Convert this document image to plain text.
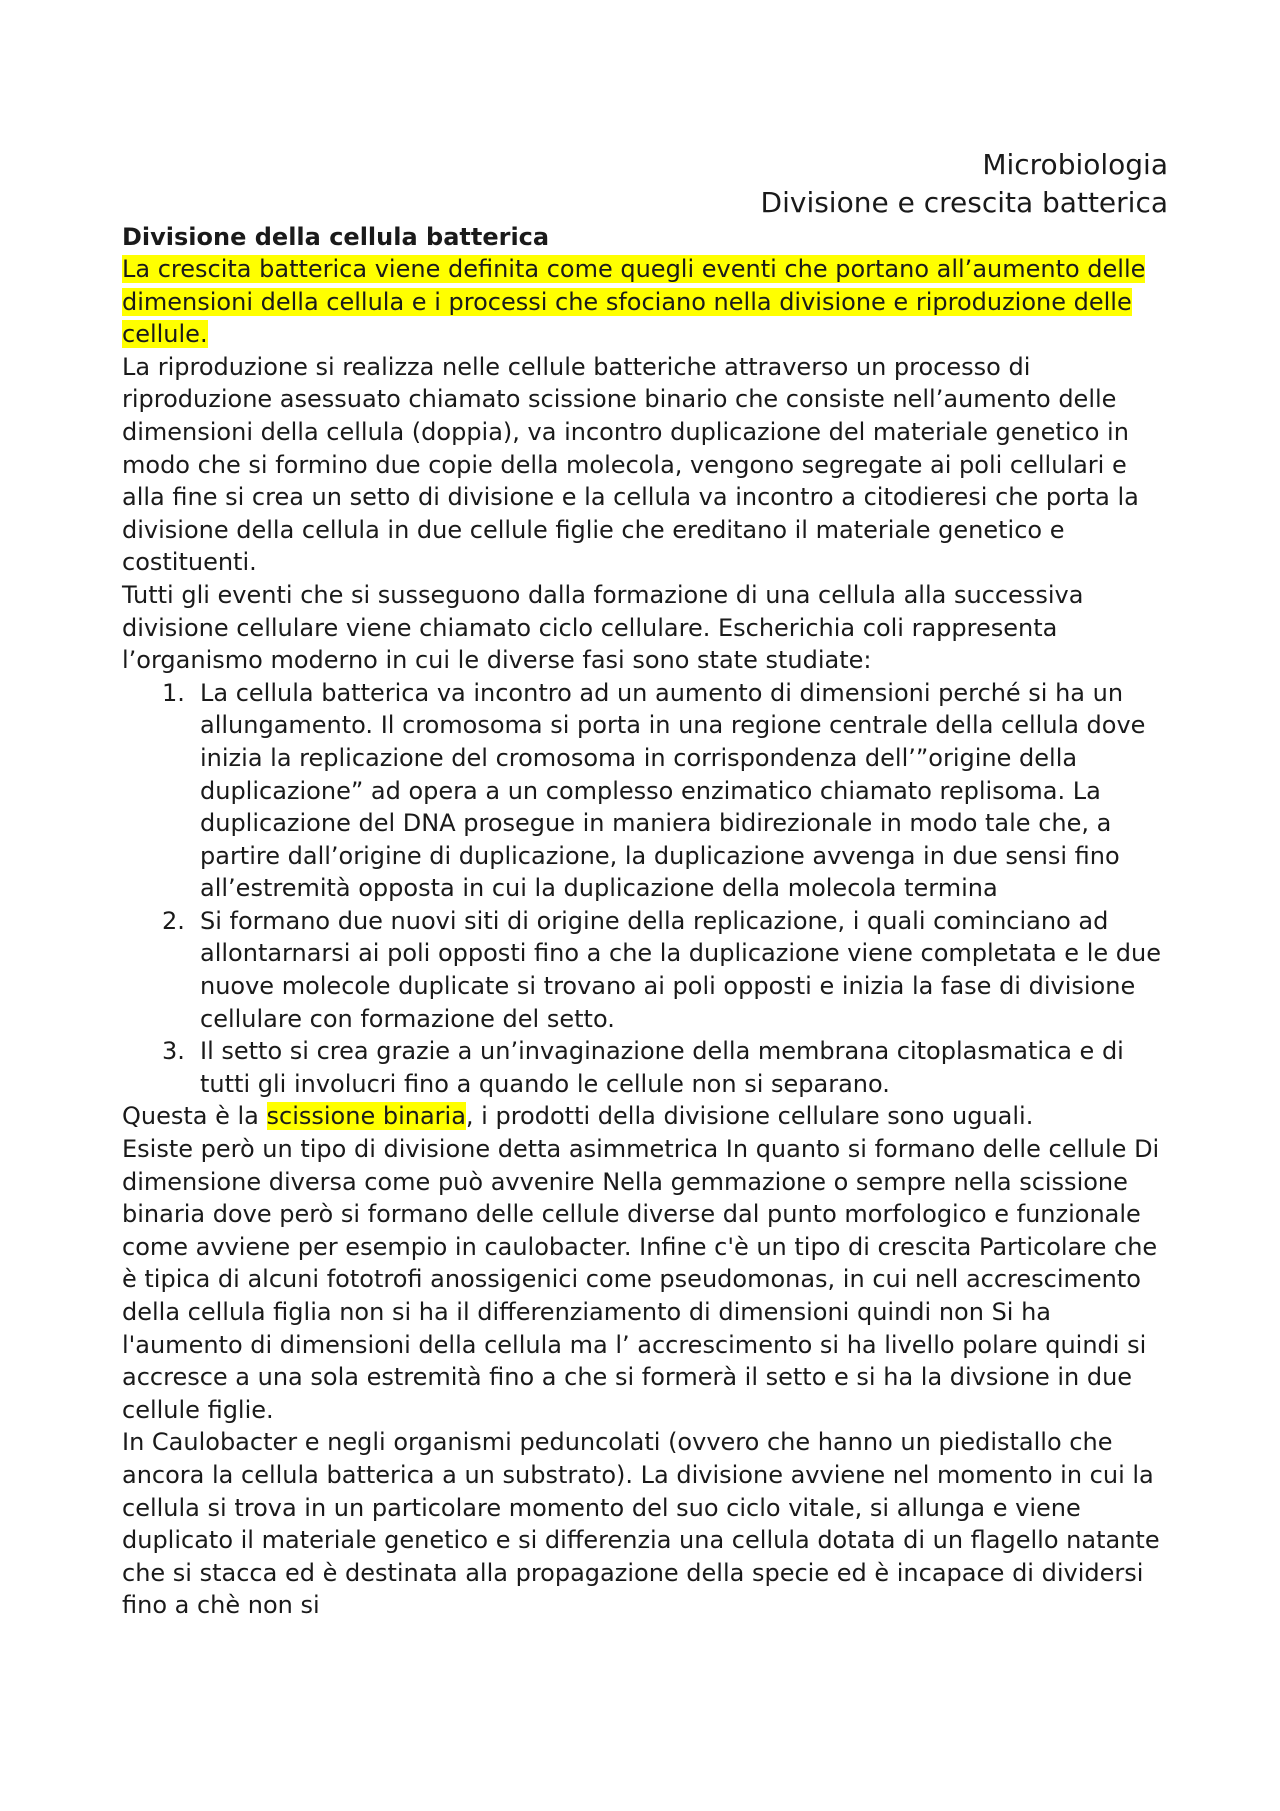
Microbiologia
Divisione e crescita batterica
Divisione della cellula batterica

La crescita batterica viene definita come quegli eventi che portano all’aumento delle dimensioni della cellula e i processi che sfociano nella divisione e riproduzione delle cellule.

La riproduzione si realizza nelle cellule batteriche attraverso un processo di riproduzione asessuato chiamato scissione binario che consiste nell’aumento delle dimensioni della cellula (doppia), va incontro duplicazione del materiale genetico in modo che si formino due copie della molecola, vengono segregate ai poli cellulari e alla fine si crea un setto di divisione e la cellula va incontro a citodieresi che porta la divisione della cellula in due cellule figlie che ereditano il materiale genetico e costituenti.

Tutti gli eventi che si susseguono dalla formazione di una cellula alla successiva divisione cellulare viene chiamato ciclo cellulare. Escherichia coli rappresenta l’organismo moderno in cui le diverse fasi sono state studiate:

1. La cellula batterica va incontro ad un aumento di dimensioni perché si ha un allungamento. Il cromosoma si porta in una regione centrale della cellula dove inizia la replicazione del cromosoma in corrispondenza dell’”origine della duplicazione” ad opera a un complesso enzimatico chiamato replisoma. La duplicazione del DNA prosegue in maniera bidirezionale in modo tale che, a partire dall’origine di duplicazione, la duplicazione avvenga in due sensi fino all’estremità opposta in cui la duplicazione della molecola termina
2. Si formano due nuovi siti di origine della replicazione, i quali cominciano ad allontarnarsi ai poli opposti fino a che la duplicazione viene completata e le due nuove molecole duplicate si trovano ai poli opposti e inizia la fase di divisione cellulare con formazione del setto.
3. Il setto si crea grazie a un’invaginazione della membrana citoplasmatica e di tutti gli involucri fino a quando le cellule non si separano.

Questa è la scissione binaria, i prodotti della divisione cellulare sono uguali.

Esiste però un tipo di divisione detta asimmetrica In quanto si formano delle cellule Di dimensione diversa come può avvenire Nella gemmazione o sempre nella scissione binaria dove però si formano delle cellule diverse dal punto morfologico e funzionale come avviene per esempio in caulobacter. Infine c'è un tipo di crescita Particolare che è tipica di alcuni fototrofi anossigenici come pseudomonas, in cui nell accrescimento della cellula figlia non si ha il differenziamento di dimensioni quindi non Si ha l'aumento di dimensioni della cellula ma l’ accrescimento si ha livello polare quindi si accresce a una sola estremità fino a che si formerà il setto e si ha la divsione in due cellule figlie.

In Caulobacter e negli organismi peduncolati (ovvero che hanno un piedistallo che ancora la cellula batterica a un substrato). La divisione avviene nel momento in cui la cellula si trova in un particolare momento del suo ciclo vitale, si allunga e viene duplicato il materiale genetico e si differenzia una cellula dotata di un flagello natante che si stacca ed è destinata alla propagazione della specie ed è incapace di dividersi fino a chè non si
